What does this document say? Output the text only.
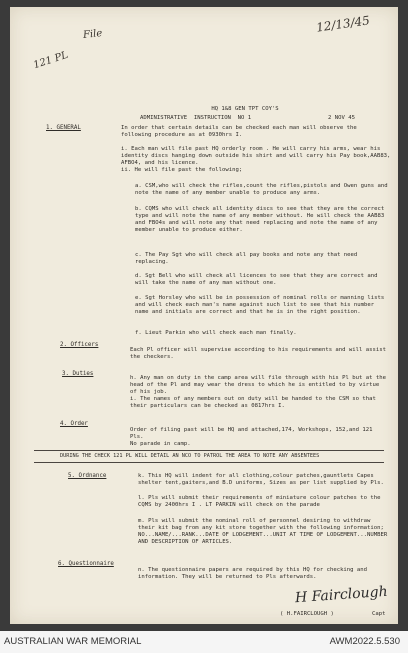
12/13/45
File
121 PL
HQ 1&8 GEN TPT COY'S
ADMINISTRATIVE  INSTRUCTION  NO 1	2 NOV 45
1. GENERAL	In order that certain details can be checked each man will observe the following procedure as at 0930hrs I.
i. Each man will file past HQ orderly room . He will carry his arms, wear his identity discs hanging down outside his shirt and will carry his Pay book,AAB83, AFBO4, and his licence.
ii. He will file past the following;
a. CSM,who will check the rifles,count the rifles,pistols and Owen guns and note the name of any member unable to produce any arms.
b. CQMS who will check all identity discs to see that they are the correct type and will note the name of any member without. He will check the AAB83 and FBO4s and will note any that need replacing and note the name of any member unable to produce either.
c. The Pay Sgt who will check all pay books and note any that need replacing.
d. Sgt Bell who will check all licences to see that they are correct and will take the name of any man without one.
e. Sgt Horsley who will be in possession of nominal rolls or manning lists and will check each man's name against such list to see that his number name and initials are correct and that he is in the right position.
f. Lieut Parkin who will check each man finally.
2. Officers
Each Pl officer will supervise according to his requirements and will assist the checkers.
3. Duties
h. Any man on duty in the camp area will file through with his Pl but at the head of the Pl and may wear the dress to which he is entitled to by virtue of his job.
i. The names of any members out on duty will be handed to the CSM so that their particulars can be checked as 0817hrs I.
4. Order
Order of filing past will be HQ and attached,174, Workshops, 152,and 121 Pls.
No parade in camp.
DURING THE CHECK 121 PL WILL DETAIL AN NCO TO PATROL THE AREA TO NOTE ANY ABSENTEES
5. Ordnance	k. This HQ will indent for all clothing,colour patches,gauntlets Capes shelter tent,gaiters,and B.D uniforms, Sizes as per list supplied by Pls.
l. Pls will submit their requirements of miniature colour patches to the CQMS by 2400hrs I . LT PARKIN will check on the parade
m. Pls will submit the nominal roll of personnel desiring to withdraw their kit bag from any kit store together with the following information; NO...NAME/...RANK...DATE OF LODGEMENT...UNIT AT TIME OF LODGEMENT...NUMBER AND DESCRIPTION OF ARTICLES.
6. Questionnaire
n. The questionnaire papers are required by this HQ for checking and information. They will be returned to Pls afterwards.
H Fairclough
( H.FAIRCLOUGH )	Capt
AUSTRALIAN WAR MEMORIAL	AWM2022.5.530
